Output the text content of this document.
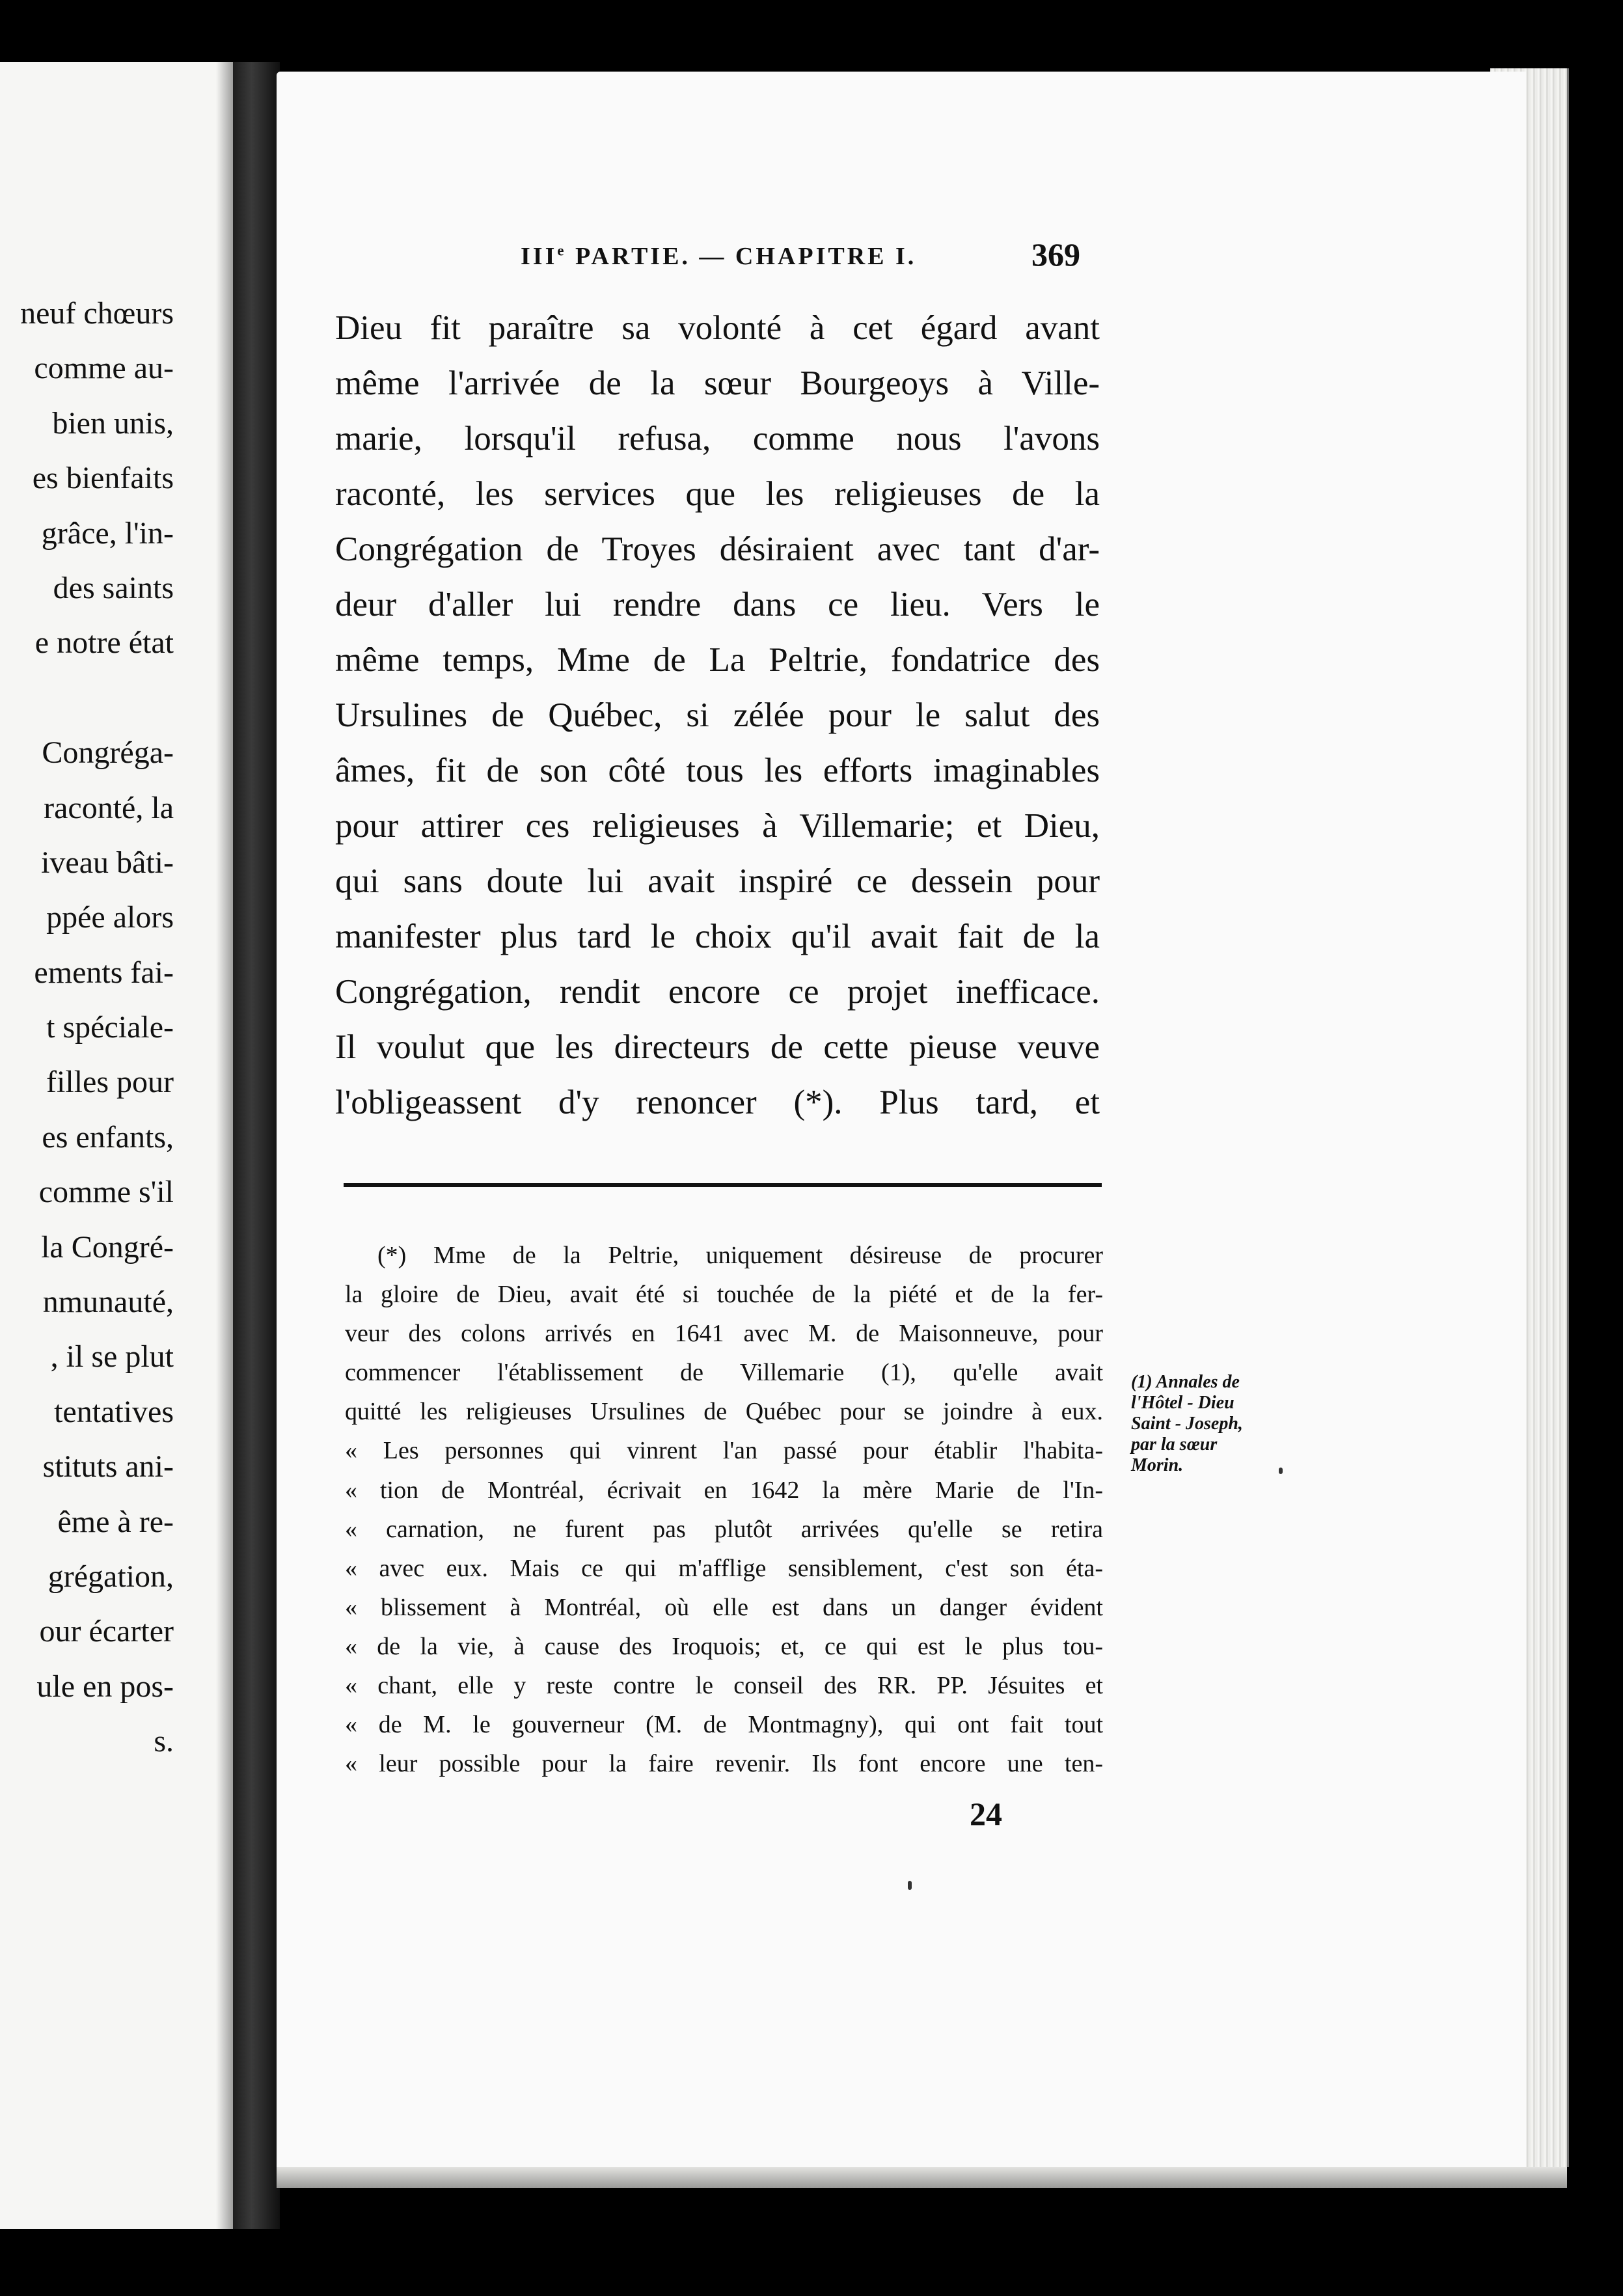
neuf chœurs
comme au-
bien unis,
es bienfaits
grâce, l'in-
des saints
e notre état
Congréga-
raconté, la
iveau bâti-
ppée alors
ements fai-
t spéciale-
filles pour
es enfants,
comme s'il
la Congré-
nmunauté,
, il se plut
tentatives
stituts ani-
ême à re-
grégation,
our écarter
ule en pos-
s.
IIIe PARTIE. — CHAPITRE I.	369
Dieu fit paraître sa volonté à cet égard avant
même l'arrivée de la sœur Bourgeoys à Ville-
marie, lorsqu'il refusa, comme nous l'avons
raconté, les services que les religieuses de la
Congrégation de Troyes désiraient avec tant d'ar-
deur d'aller lui rendre dans ce lieu. Vers le
même temps, Mme de La Peltrie, fondatrice des
Ursulines de Québec, si zélée pour le salut des
âmes, fit de son côté tous les efforts imaginables
pour attirer ces religieuses à Villemarie; et Dieu,
qui sans doute lui avait inspiré ce dessein pour
manifester plus tard le choix qu'il avait fait de la
Congrégation, rendit encore ce projet inefficace.
Il voulut que les directeurs de cette pieuse veuve
l'obligeassent d'y renoncer (*). Plus tard, et
(*) Mme de la Peltrie, uniquement désireuse de procurer
la gloire de Dieu, avait été si touchée de la piété et de la fer-
veur des colons arrivés en 1641 avec M. de Maisonneuve, pour
commencer l'établissement de Villemarie (1), qu'elle avait
quitté les religieuses Ursulines de Québec pour se joindre à eux.
« Les personnes qui vinrent l'an passé pour établir l'habita-
« tion de Montréal, écrivait en 1642 la mère Marie de l'In-
« carnation, ne furent pas plutôt arrivées qu'elle se retira
« avec eux. Mais ce qui m'afflige sensiblement, c'est son éta-
« blissement à Montréal, où elle est dans un danger évident
« de la vie, à cause des Iroquois; et, ce qui est le plus tou-
« chant, elle y reste contre le conseil des RR. PP. Jésuites et
« de M. le gouverneur (M. de Montmagny), qui ont fait tout
« leur possible pour la faire revenir. Ils font encore une ten-
(1) Annales de
l'Hôtel - Dieu
Saint - Joseph,
par la sœur
Morin.
24
